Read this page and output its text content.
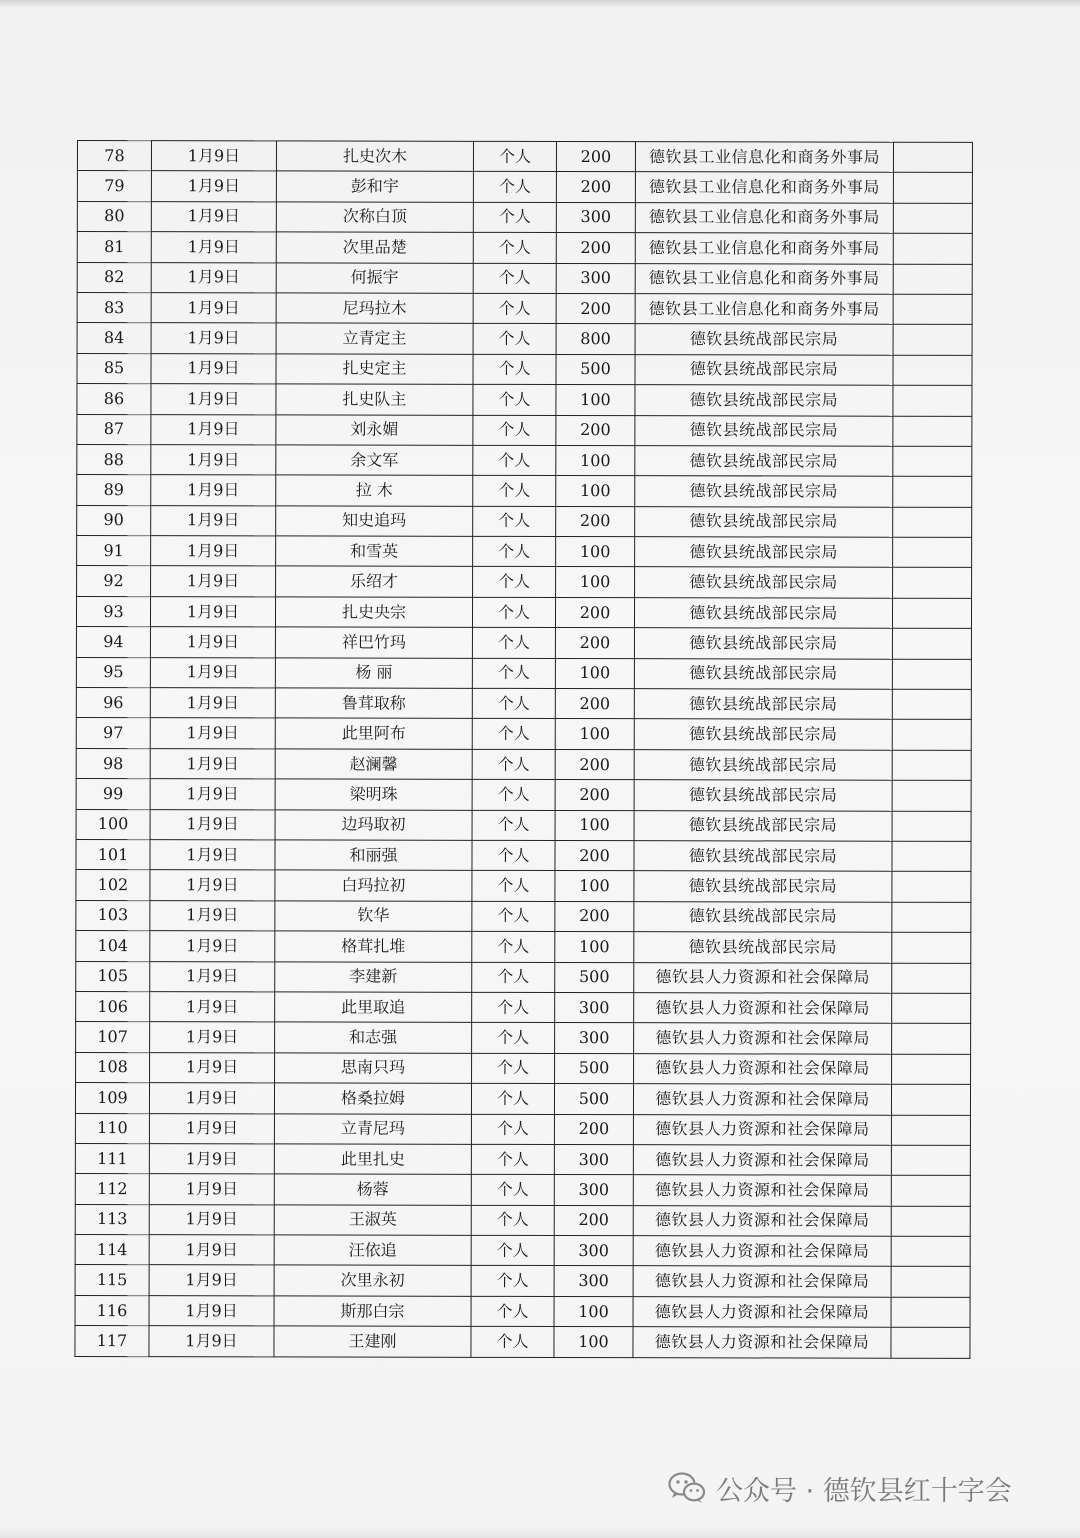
78	1月9日	扎史次木	个人	200	德钦县工业信息化和商务外事局	
79	1月9日	彭和宇	个人	200	德钦县工业信息化和商务外事局	
80	1月9日	次称白顶	个人	300	德钦县工业信息化和商务外事局	
81	1月9日	次里品楚	个人	200	德钦县工业信息化和商务外事局	
82	1月9日	何振宇	个人	300	德钦县工业信息化和商务外事局	
83	1月9日	尼玛拉木	个人	200	德钦县工业信息化和商务外事局	
84	1月9日	立青定主	个人	800	德钦县统战部民宗局	
85	1月9日	扎史定主	个人	500	德钦县统战部民宗局	
86	1月9日	扎史队主	个人	100	德钦县统战部民宗局	
87	1月9日	刘永媚	个人	200	德钦县统战部民宗局	
88	1月9日	余文军	个人	100	德钦县统战部民宗局	
89	1月9日	拉 木	个人	100	德钦县统战部民宗局	
90	1月9日	知史追玛	个人	200	德钦县统战部民宗局	
91	1月9日	和雪英	个人	100	德钦县统战部民宗局	
92	1月9日	乐绍才	个人	100	德钦县统战部民宗局	
93	1月9日	扎史央宗	个人	200	德钦县统战部民宗局	
94	1月9日	祥巴竹玛	个人	200	德钦县统战部民宗局	
95	1月9日	杨 丽	个人	100	德钦县统战部民宗局	
96	1月9日	鲁茸取称	个人	200	德钦县统战部民宗局	
97	1月9日	此里阿布	个人	100	德钦县统战部民宗局	
98	1月9日	赵澜馨	个人	200	德钦县统战部民宗局	
99	1月9日	梁明珠	个人	200	德钦县统战部民宗局	
100	1月9日	边玛取初	个人	100	德钦县统战部民宗局	
101	1月9日	和丽强	个人	200	德钦县统战部民宗局	
102	1月9日	白玛拉初	个人	100	德钦县统战部民宗局	
103	1月9日	钦华	个人	200	德钦县统战部民宗局	
104	1月9日	格茸扎堆	个人	100	德钦县统战部民宗局	
105	1月9日	李建新	个人	500	德钦县人力资源和社会保障局	
106	1月9日	此里取追	个人	300	德钦县人力资源和社会保障局	
107	1月9日	和志强	个人	300	德钦县人力资源和社会保障局	
108	1月9日	思南只玛	个人	500	德钦县人力资源和社会保障局	
109	1月9日	格桑拉姆	个人	500	德钦县人力资源和社会保障局	
110	1月9日	立青尼玛	个人	200	德钦县人力资源和社会保障局	
111	1月9日	此里扎史	个人	300	德钦县人力资源和社会保障局	
112	1月9日	杨蓉	个人	300	德钦县人力资源和社会保障局	
113	1月9日	王淑英	个人	200	德钦县人力资源和社会保障局	
114	1月9日	汪依追	个人	300	德钦县人力资源和社会保障局	
115	1月9日	次里永初	个人	300	德钦县人力资源和社会保障局	
116	1月9日	斯那白宗	个人	100	德钦县人力资源和社会保障局	
117	1月9日	王建刚	个人	100	德钦县人力资源和社会保障局	
公众号 · 德钦县红十字会
